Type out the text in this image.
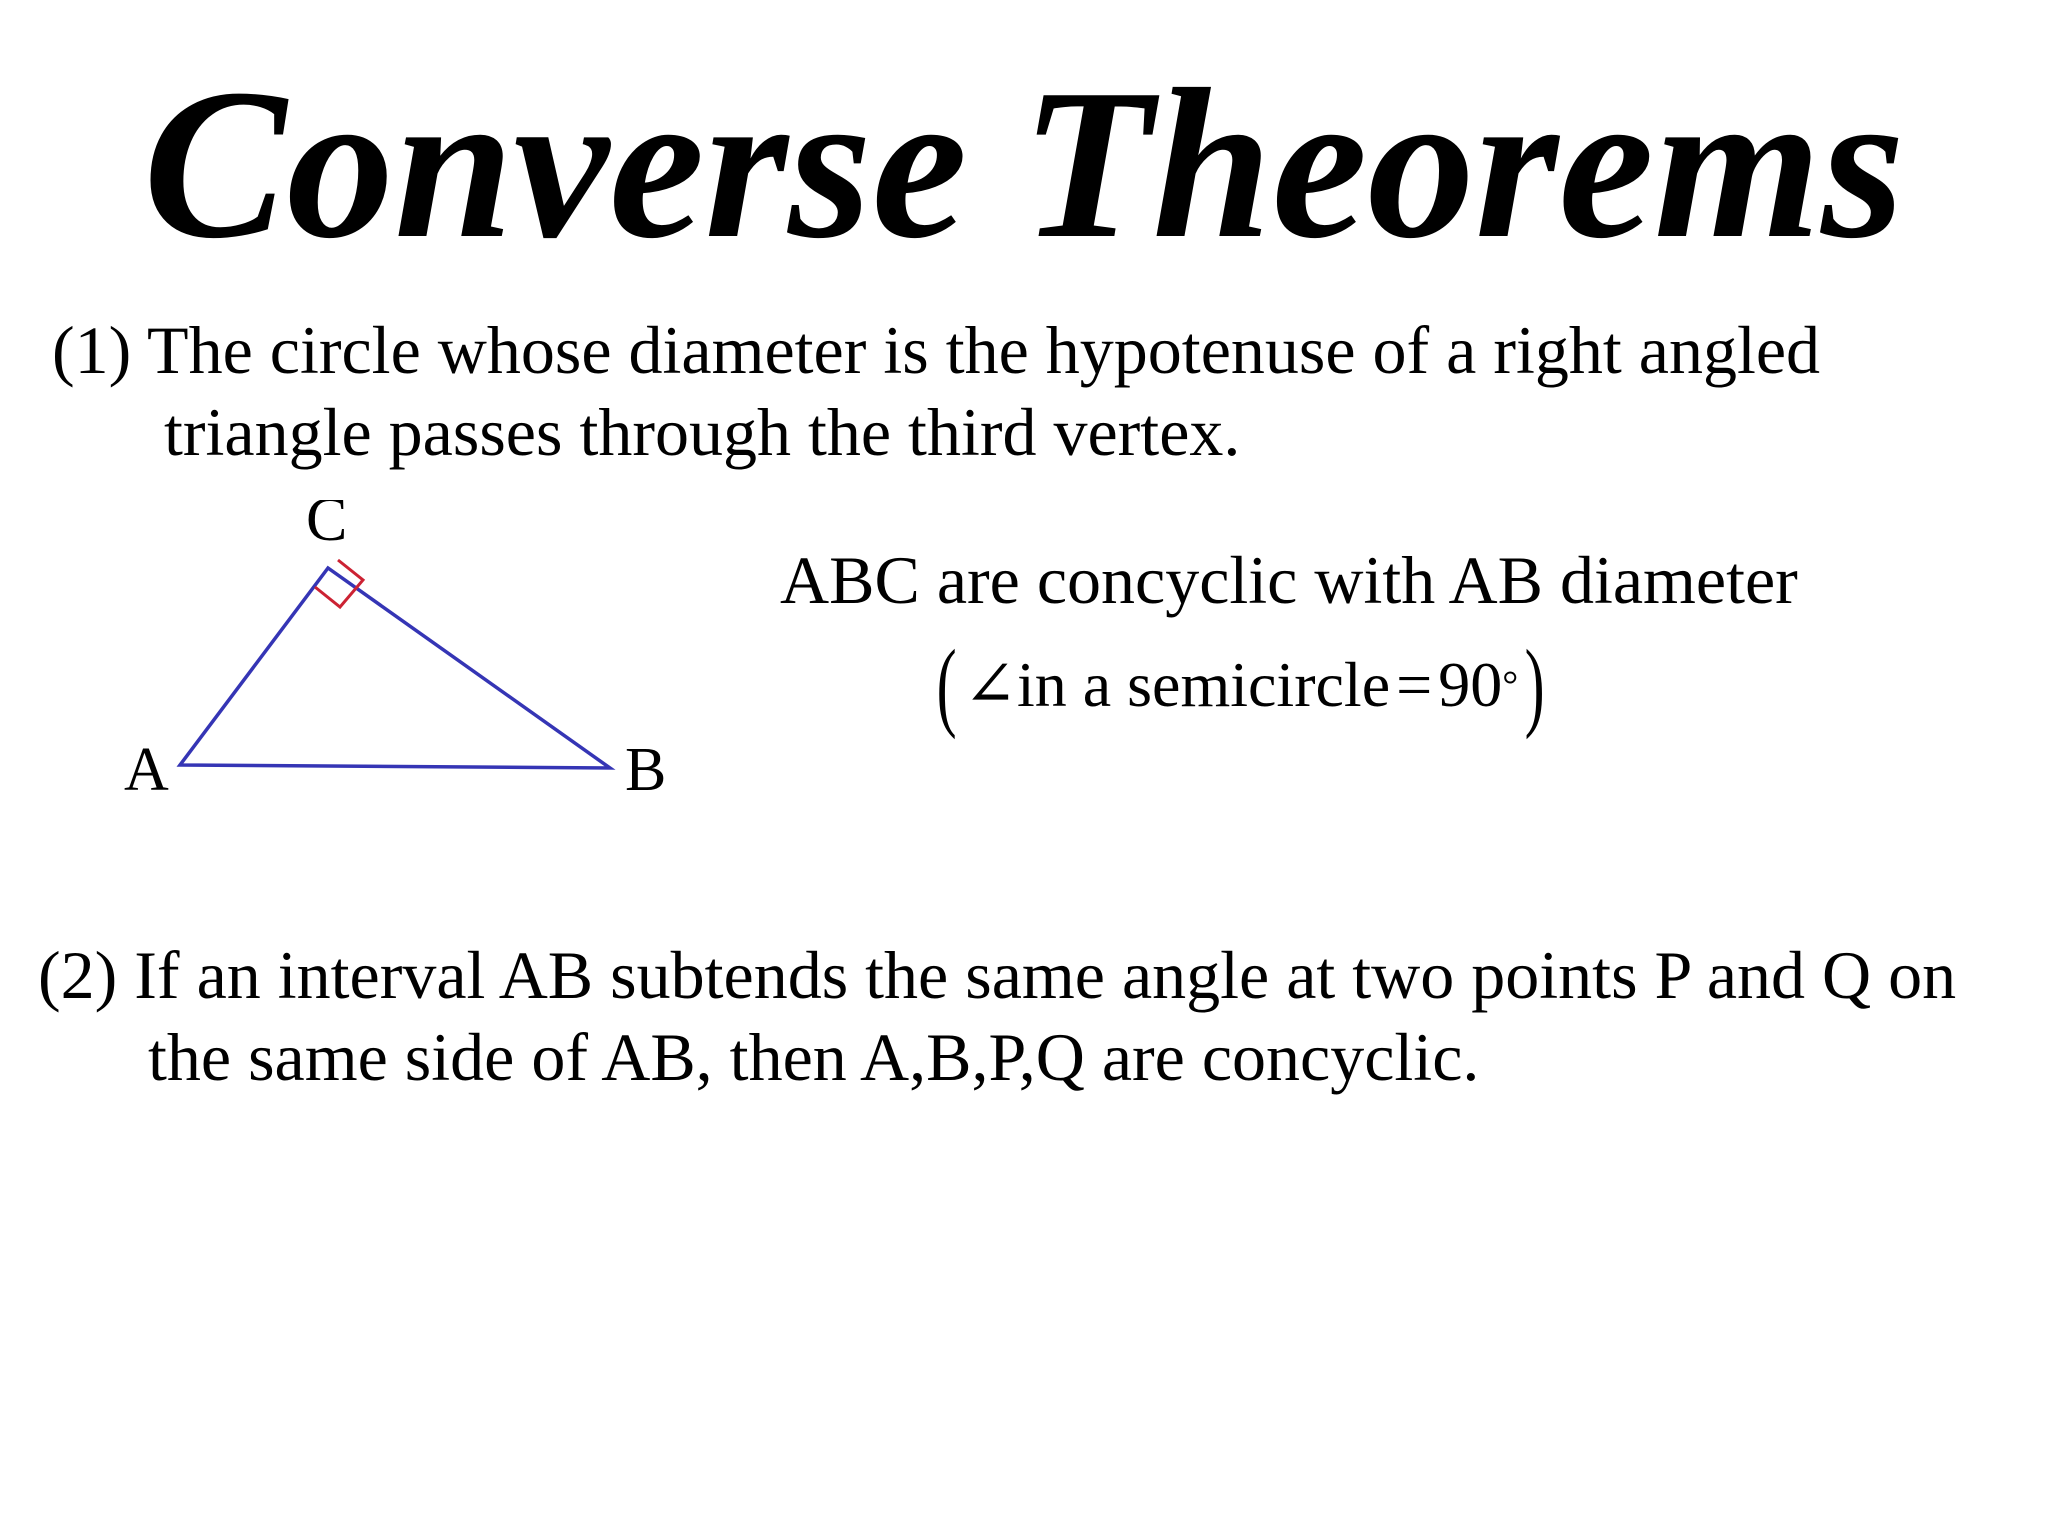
Converse Theorems
(1) The circle whose diameter is the hypotenuse of a right angled
triangle passes through the third vertex.
C
A	B
ABC are concyclic with AB diameter
( ∠ in a semicircle = 90 ° )
(2) If an interval AB subtends the same angle at two points P and Q on
the same side of AB, then A,B,P,Q are concyclic.
